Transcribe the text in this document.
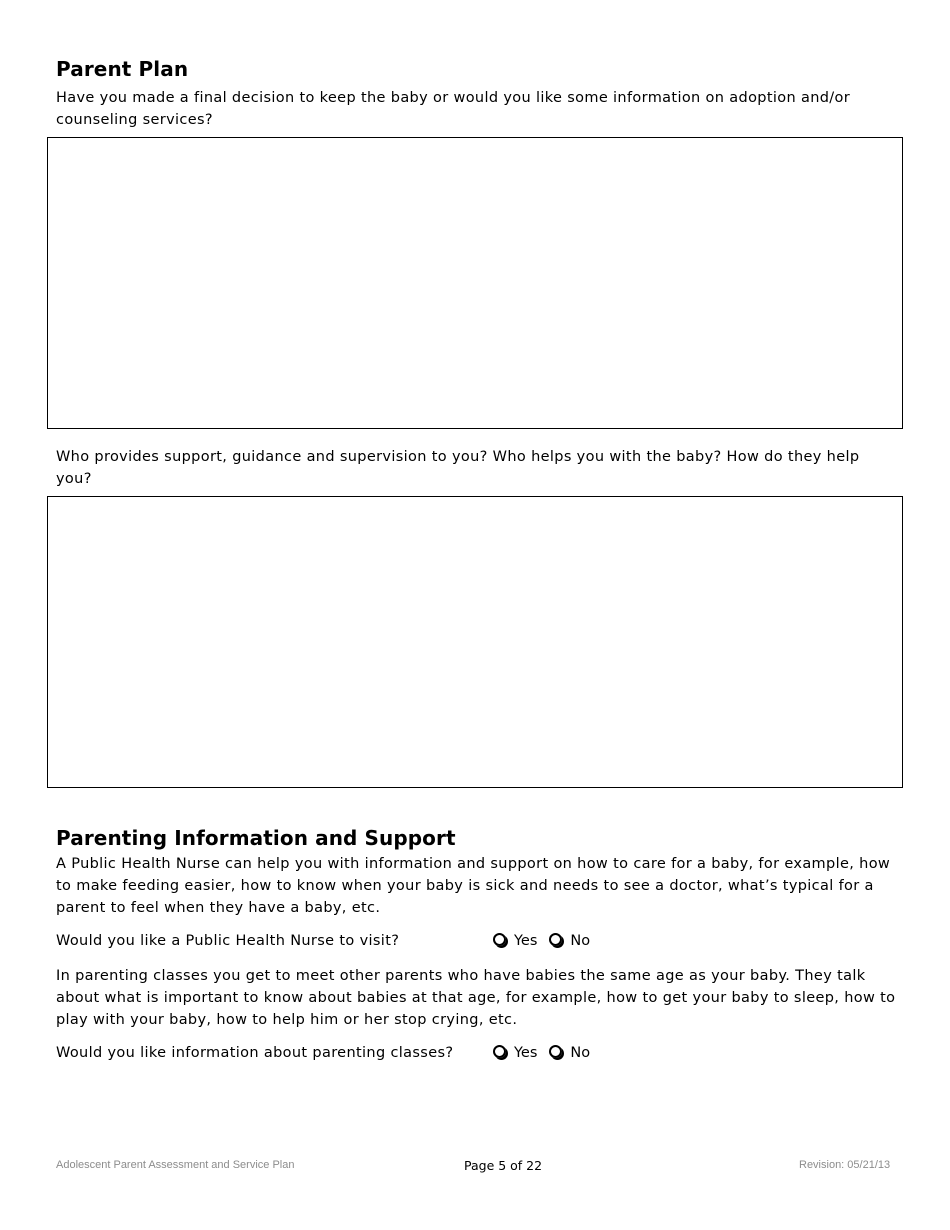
Parent Plan
Have you made a final decision to keep the baby or would you like some information on adoption and/or counseling services?
Who provides support, guidance and supervision to you? Who helps you with the baby? How do they help you?
Parenting Information and Support
A Public Health Nurse can help you with information and support on how to care for a baby, for example, how to make feeding easier, how to know when your baby is sick and needs to see a doctor, what’s typical for a parent to feel when they have a baby, etc.
Would you like a Public Health Nurse to visit?	Yes No
In parenting classes you get to meet other parents who have babies the same age as your baby. They talk about what is important to know about babies at that age, for example, how to get your baby to sleep, how to play with your baby, how to help him or her stop crying, etc.
Would you like information about parenting classes?	Yes No
Adolescent Parent Assessment and Service Plan	Page 5 of 22	Revision: 05/21/13
